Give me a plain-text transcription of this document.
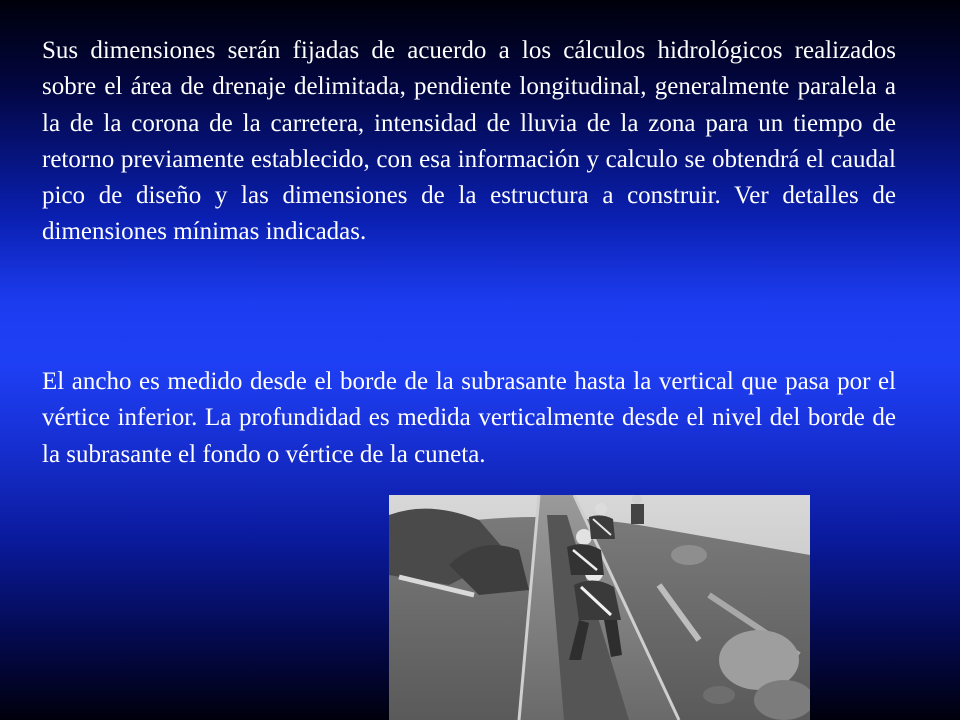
Sus dimensiones serán fijadas de acuerdo a los cálculos hidrológicos realizados sobre el área de drenaje delimitada, pendiente longitudinal, generalmente paralela a la de la corona de la carretera, intensidad de lluvia de la zona para un tiempo de retorno previamente establecido, con esa información y calculo se obtendrá el caudal pico de diseño y las dimensiones de la estructura a construir. Ver detalles de dimensiones mínimas indicadas.

El ancho es medido desde el borde de la subrasante hasta la vertical que pasa por el vértice inferior. La profundidad es medida verticalmente desde el nivel del borde de la subrasante el fondo o vértice de la cuneta.
